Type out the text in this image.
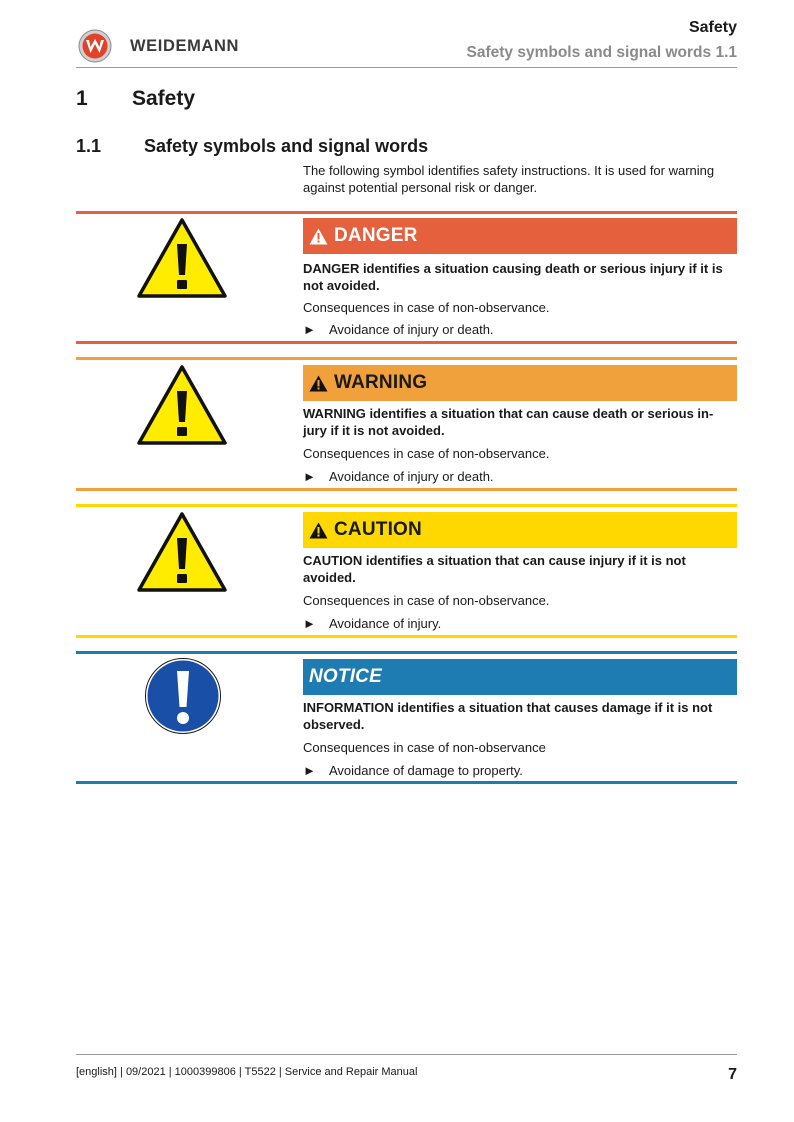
WEIDEMANN
Safety
Safety symbols and signal words 1.1
1 Safety
1.1 Safety symbols and signal words
The following symbol identifies safety instructions. It is used for warning against potential personal risk or danger.
DANGER
DANGER identifies a situation causing death or serious injury if it is not avoided.
Consequences in case of non-observance.
► Avoidance of injury or death.
WARNING
WARNING identifies a situation that can cause death or serious in-jury if it is not avoided.
Consequences in case of non-observance.
► Avoidance of injury or death.
CAUTION
CAUTION identifies a situation that can cause injury if it is not avoided.
Consequences in case of non-observance.
► Avoidance of injury.
NOTICE
INFORMATION identifies a situation that causes damage if it is not observed.
Consequences in case of non-observance
► Avoidance of damage to property.
[english] | 09/2021 | 1000399806 | T5522 | Service and Repair Manual	7
